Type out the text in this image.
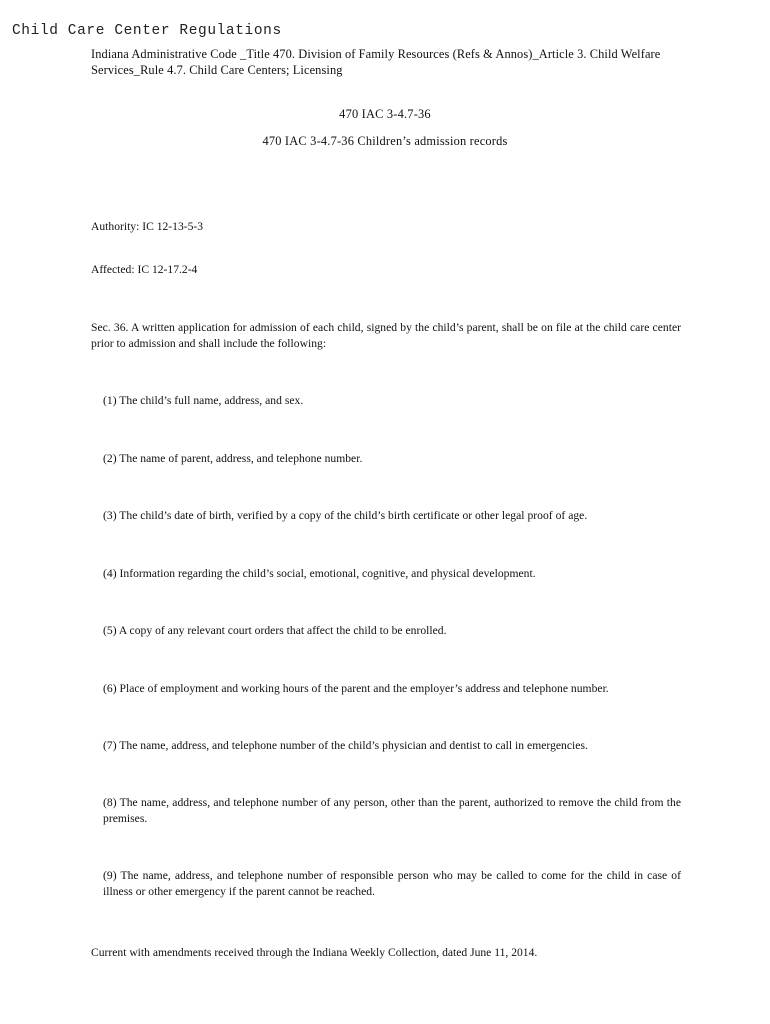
Child Care Center Regulations
Indiana Administrative Code _Title 470. Division of Family Resources (Refs & Annos)_Article 3. Child Welfare Services_Rule 4.7. Child Care Centers; Licensing
470 IAC 3-4.7-36
470 IAC 3-4.7-36 Children’s admission records
Authority: IC 12-13-5-3
Affected: IC 12-17.2-4
Sec. 36. A written application for admission of each child, signed by the child’s parent, shall be on file at the child care center prior to admission and shall include the following:
(1) The child’s full name, address, and sex.
(2) The name of parent, address, and telephone number.
(3) The child’s date of birth, verified by a copy of the child’s birth certificate or other legal proof of age.
(4) Information regarding the child’s social, emotional, cognitive, and physical development.
(5) A copy of any relevant court orders that affect the child to be enrolled.
(6) Place of employment and working hours of the parent and the employer’s address and telephone number.
(7) The name, address, and telephone number of the child’s physician and dentist to call in emergencies.
(8) The name, address, and telephone number of any person, other than the parent, authorized to remove the child from the premises.
(9) The name, address, and telephone number of responsible person who may be called to come for the child in case of illness or other emergency if the parent cannot be reached.
Current with amendments received through the Indiana Weekly Collection, dated June 11, 2014.
